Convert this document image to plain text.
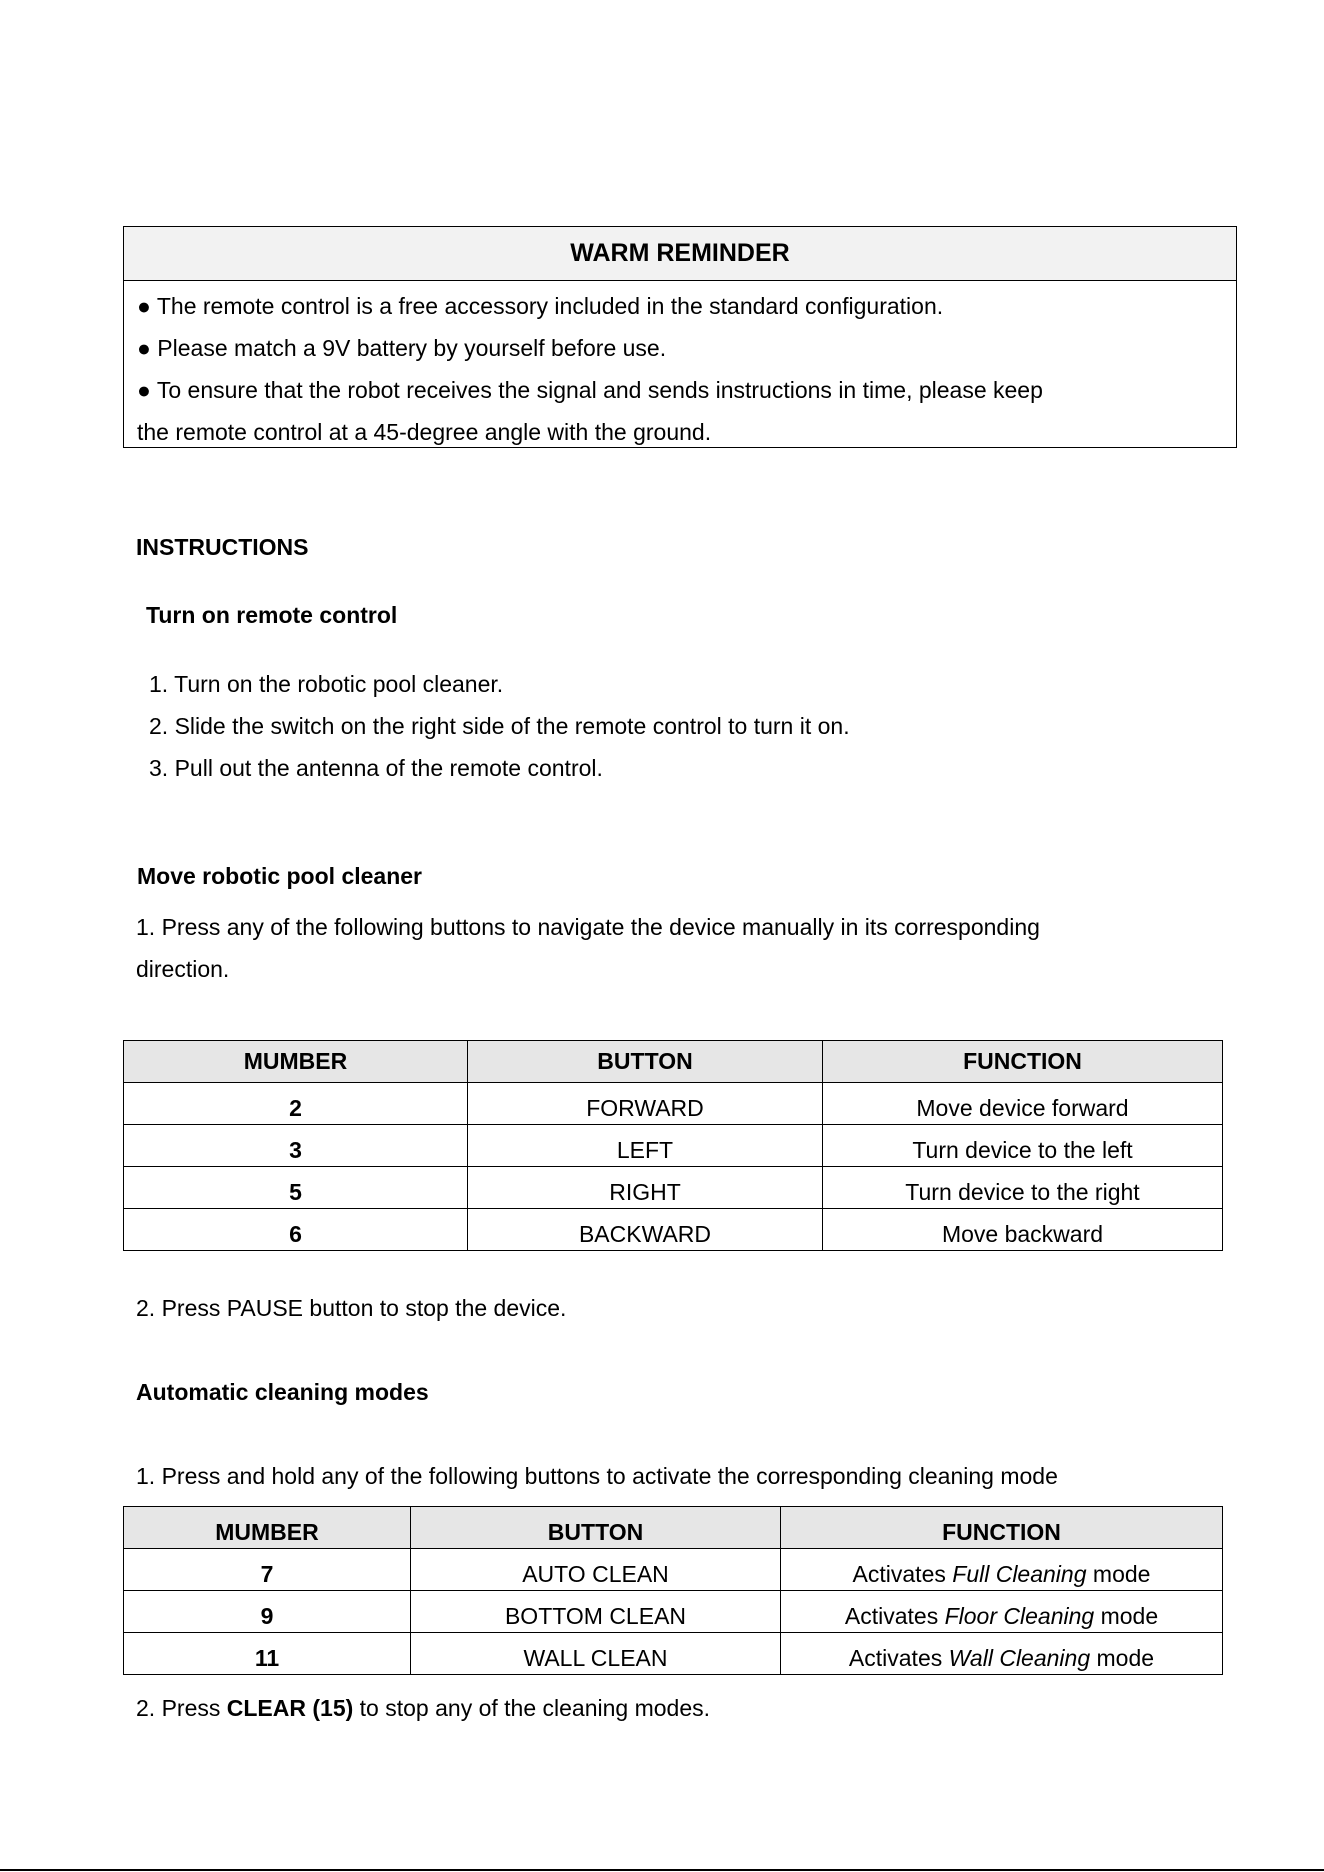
WARM REMINDER
● The remote control is a free accessory included in the standard configuration.
● Please match a 9V battery by yourself before use.
● To ensure that the robot receives the signal and sends instructions in time, please keep
the remote control at a 45-degree angle with the ground.
INSTRUCTIONS
Turn on remote control
1. Turn on the robotic pool cleaner.
2. Slide the switch on the right side of the remote control to turn it on.
3. Pull out the antenna of the remote control.
Move robotic pool cleaner
1. Press any of the following buttons to navigate the device manually in its corresponding
direction.
MUMBER	BUTTON	FUNCTION
2	FORWARD	Move device forward
3	LEFT	Turn device to the left
5	RIGHT	Turn device to the right
6	BACKWARD	Move backward
2. Press PAUSE button to stop the device.
Automatic cleaning modes
1. Press and hold any of the following buttons to activate the corresponding cleaning mode
MUMBER	BUTTON	FUNCTION
7	AUTO CLEAN	Activates Full Cleaning mode
9	BOTTOM CLEAN	Activates Floor Cleaning mode
11	WALL CLEAN	Activates Wall Cleaning mode
2. Press CLEAR (15) to stop any of the cleaning modes.
